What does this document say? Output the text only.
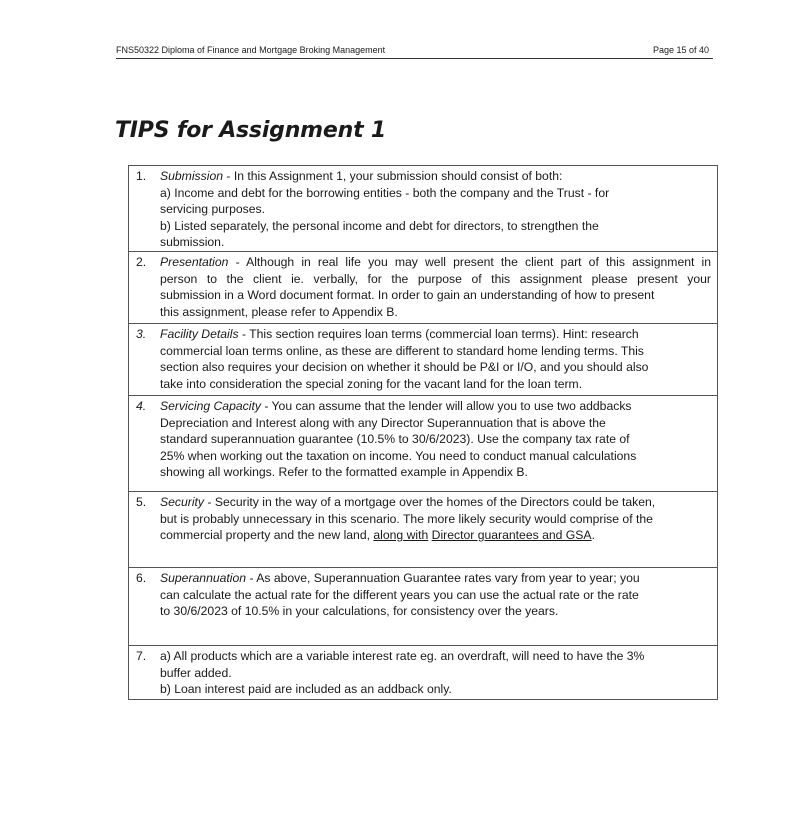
FNS50322 Diploma of Finance and Mortgage Broking Management	Page 15 of 40
TIPS for Assignment 1
1. Submission - In this Assignment 1, your submission should consist of both:
a) Income and debt for the borrowing entities - both the company and the Trust - for
servicing purposes.
b) Listed separately, the personal income and debt for directors, to strengthen the
submission.
2. Presentation - Although in real life you may well present the client part of this assignment in
person to the client ie. verbally, for the purpose of this assignment please present your
submission in a Word document format. In order to gain an understanding of how to present
this assignment, please refer to Appendix B.
3. Facility Details - This section requires loan terms (commercial loan terms). Hint: research
commercial loan terms online, as these are different to standard home lending terms. This
section also requires your decision on whether it should be P&I or I/O, and you should also
take into consideration the special zoning for the vacant land for the loan term.
4. Servicing Capacity - You can assume that the lender will allow you to use two addbacks
Depreciation and Interest along with any Director Superannuation that is above the
standard superannuation guarantee (10.5% to 30/6/2023). Use the company tax rate of
25% when working out the taxation on income. You need to conduct manual calculations
showing all workings. Refer to the formatted example in Appendix B.
5. Security - Security in the way of a mortgage over the homes of the Directors could be taken,
but is probably unnecessary in this scenario. The more likely security would comprise of the
commercial property and the new land, along with Director guarantees and GSA.
6. Superannuation - As above, Superannuation Guarantee rates vary from year to year; you
can calculate the actual rate for the different years you can use the actual rate or the rate
to 30/6/2023 of 10.5% in your calculations, for consistency over the years.
7. a) All products which are a variable interest rate eg. an overdraft, will need to have the 3%
buffer added.
b) Loan interest paid are included as an addback only.
